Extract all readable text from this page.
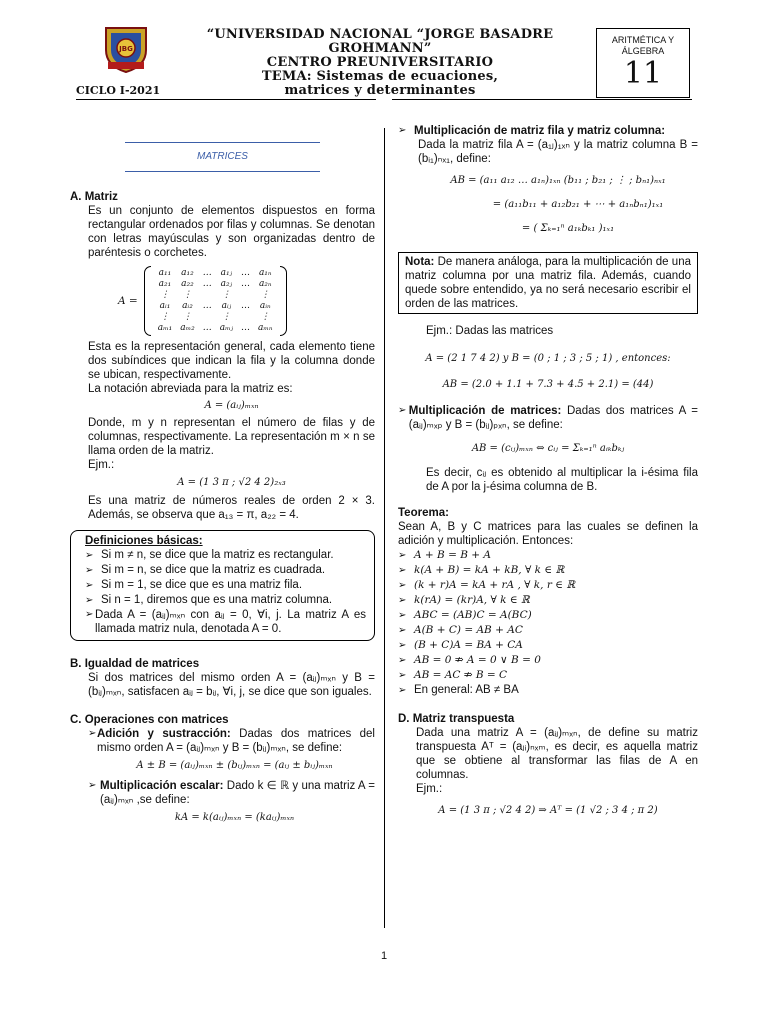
JBG
“UNIVERSIDAD NACIONAL “JORGE BASADRE GROHMANN”
CENTRO PREUNIVERSITARIO
TEMA: Sistemas de ecuaciones,
matrices y determinantes
CICLO I-2021
ARITMÉTICA Y
ÁLGEBRA
11
MATRICES
A. Matriz
Es un conjunto de elementos dispuestos en forma rectangular ordenados por filas y columnas. Se denotan con letras mayúsculas y son organizadas dentro de paréntesis o corchetes.
A =
a₁₁	a₁₂	…	a₁ⱼ	…	a₁ₙ
a₂₁	a₂₂	…	a₂ⱼ	…	a₂ₙ
⋮	⋮		⋮		⋮
aᵢ₁	aᵢ₂	…	aᵢⱼ	…	aᵢₙ
⋮	⋮		⋮		⋮
aₘ₁	aₘ₂	…	aₘⱼ	…	aₘₙ
Esta es la representación general, cada elemento tiene dos subíndices que indican la fila y la columna donde se ubican, respectivamente.
La notación abreviada para la matriz es:
A = (aᵢⱼ)ₘₓₙ
Donde, m y n representan el número de filas y de columnas, respectivamente. La representación m × n se llama orden de la matriz.
Ejm.:
A = (1 3 π ; √2 4 2)₂ₓ₃
Es una matriz de números reales de orden 2 × 3. Además, se observa que a₁₃ = π, a₂₂ = 4.
Definiciones básicas:
➢ Si m ≠ n, se dice que la matriz es rectangular.
➢ Si m = n, se dice que la matriz es cuadrada.
➢ Si m = 1, se dice que es una matriz fila.
➢ Si n = 1, diremos que es una matriz columna.
➢ Dada A = (aᵢⱼ)ₘₓₙ con aᵢⱼ = 0, ∀i, j. La matriz A es llamada matriz nula, denotada A = 0.
B. Igualdad de matrices
Si dos matrices del mismo orden A = (aᵢⱼ)ₘₓₙ y B = (bᵢⱼ)ₘₓₙ, satisfacen aᵢⱼ = bᵢⱼ, ∀i, j, se dice que son iguales.
C. Operaciones con matrices
➢ Adición y sustracción: Dadas dos matrices del mismo orden A = (aᵢⱼ)ₘₓₙ y B = (bᵢⱼ)ₘₓₙ, se define:
A ± B = (aᵢⱼ)ₘₓₙ ± (bᵢⱼ)ₘₓₙ = (aᵢⱼ ± bᵢⱼ)ₘₓₙ
➢ Multiplicación escalar: Dado k ∈ ℝ y una matriz A = (aᵢⱼ)ₘₓₙ ,se define:
kA = k(aᵢⱼ)ₘₓₙ = (kaᵢⱼ)ₘₓₙ
➢ Multiplicación de matriz fila y matriz columna:
Dada la matriz fila A = (a₁ⱼ)₁ₓₙ y la matriz columna B = (bᵢ₁)ₙₓ₁, define:
AB = (a₁₁ a₁₂ … a₁ₙ)₁ₓₙ (b₁₁ ; b₂₁ ; ⋮ ; bₙ₁)ₙₓ₁
= (a₁₁b₁₁ + a₁₂b₂₁ + ⋯ + a₁ₙbₙ₁)₁ₓ₁
= ( Σₖ₌₁ⁿ a₁ₖbₖ₁ )₁ₓ₁
Nota: De manera análoga, para la multiplicación de una matriz columna por una matriz fila. Además, cuando quede sobre entendido, ya no será necesario escribir el orden de las matrices.
Ejm.: Dadas las matrices
A = (2 1 7 4 2) y B = (0 ; 1 ; 3 ; 5 ; 1) , entonces:
AB = (2.0 + 1.1 + 7.3 + 4.5 + 2.1) = (44)
➢ Multiplicación de matrices: Dadas dos matrices A = (aᵢⱼ)ₘₓₚ y B = (bᵢⱼ)ₚₓₙ, se define:
AB = (cᵢⱼ)ₘₓₙ ⇔ cᵢⱼ = Σₖ₌₁ⁿ aᵢₖbₖⱼ
Es decir, cᵢⱼ es obtenido al multiplicar la i-ésima fila de A por la j-ésima columna de B.
Teorema:
Sean A, B y C matrices para las cuales se definen la adición y multiplicación. Entonces:
➢ A + B = B + A
➢ k(A + B) = kA + kB, ∀ k ∈ ℝ
➢ (k + r)A = kA + rA , ∀ k, r ∈ ℝ
➢ k(rA) = (kr)A, ∀ k ∈ ℝ
➢ ABC = (AB)C = A(BC)
➢ A(B + C) = AB + AC
➢ (B + C)A = BA + CA
➢ AB = 0 ⇏ A = 0 ∨ B = 0
➢ AB = AC ⇏ B = C
➢ En general: AB ≠ BA
D. Matriz transpuesta
Dada una matriz A = (aᵢⱼ)ₘₓₙ, de define su matriz transpuesta Aᵀ = (aⱼᵢ)ₙₓₘ, es decir, es aquella matriz que se obtiene al transformar las filas de A en columnas.
Ejm.:
A = (1 3 π ; √2 4 2) ⇒ Aᵀ = (1 √2 ; 3 4 ; π 2)
1
